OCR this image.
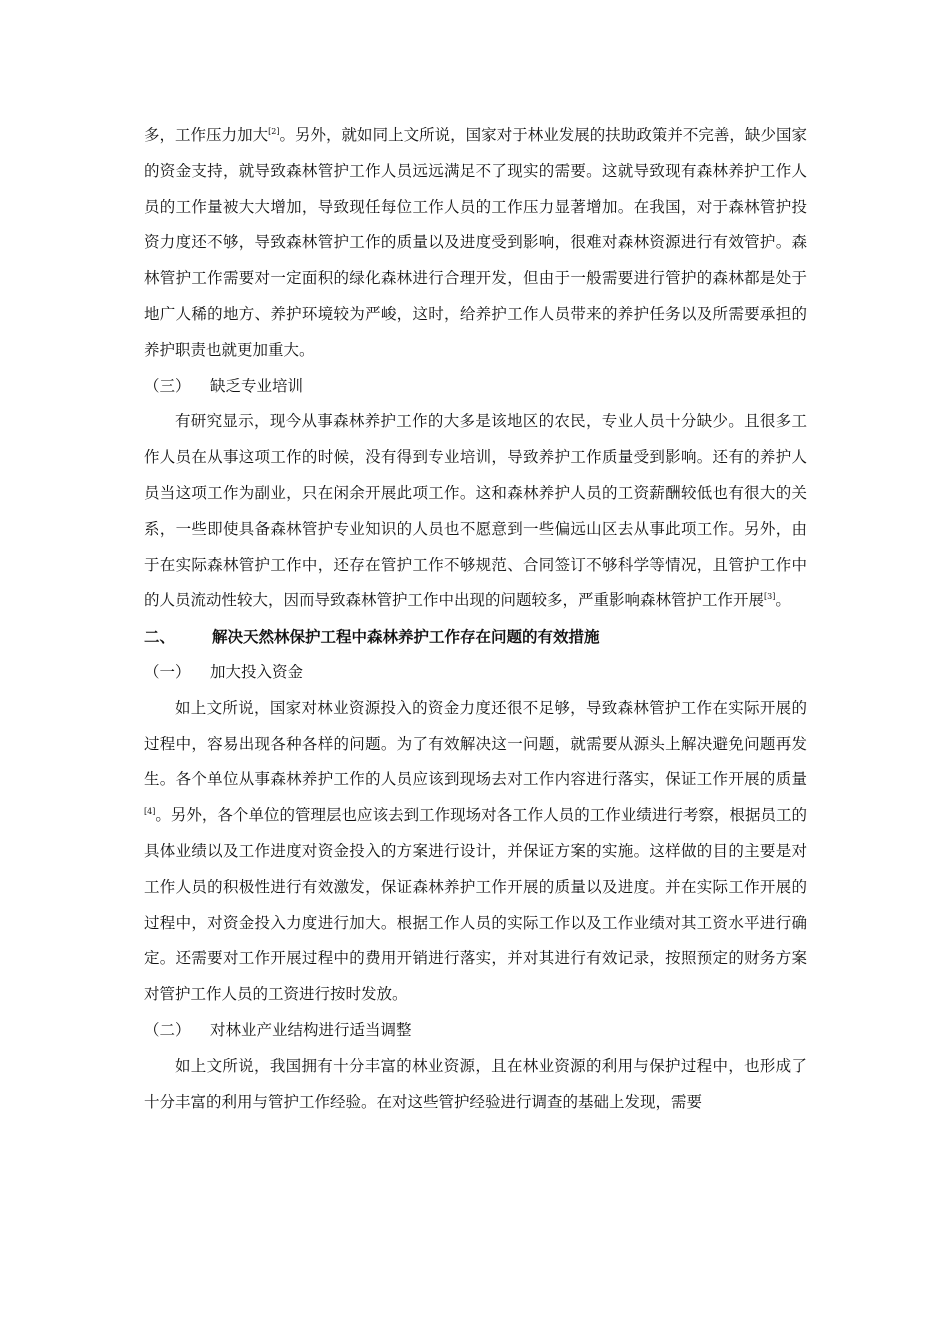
多，工作压力加大[2]。另外，就如同上文所说，国家对于林业发展的扶助政策并不完善，缺少国家的资金支持，就导致森林管护工作人员远远满足不了现实的需要。这就导致现有森林养护工作人员的工作量被大大增加，导致现任每位工作人员的工作压力显著增加。在我国，对于森林管护投资力度还不够，导致森林管护工作的质量以及进度受到影响，很难对森林资源进行有效管护。森林管护工作需要对一定面积的绿化森林进行合理开发，但由于一般需要进行管护的森林都是处于地广人稀的地方、养护环境较为严峻，这时，给养护工作人员带来的养护任务以及所需要承担的养护职责也就更加重大。

（三） 缺乏专业培训

有研究显示，现今从事森林养护工作的大多是该地区的农民，专业人员十分缺少。且很多工作人员在从事这项工作的时候，没有得到专业培训，导致养护工作质量受到影响。还有的养护人员当这项工作为副业，只在闲余开展此项工作。这和森林养护人员的工资薪酬较低也有很大的关系，一些即使具备森林管护专业知识的人员也不愿意到一些偏远山区去从事此项工作。另外，由于在实际森林管护工作中，还存在管护工作不够规范、合同签订不够科学等情况，且管护工作中的人员流动性较大，因而导致森林管护工作中出现的问题较多，严重影响森林管护工作开展[3]。

二、 解决天然林保护工程中森林养护工作存在问题的有效措施

（一） 加大投入资金

如上文所说，国家对林业资源投入的资金力度还很不足够，导致森林管护工作在实际开展的过程中，容易出现各种各样的问题。为了有效解决这一问题，就需要从源头上解决避免问题再发生。各个单位从事森林养护工作的人员应该到现场去对工作内容进行落实，保证工作开展的质量[4]。另外，各个单位的管理层也应该去到工作现场对各工作人员的工作业绩进行考察，根据员工的具体业绩以及工作进度对资金投入的方案进行设计，并保证方案的实施。这样做的目的主要是对工作人员的积极性进行有效激发，保证森林养护工作开展的质量以及进度。并在实际工作开展的过程中，对资金投入力度进行加大。根据工作人员的实际工作以及工作业绩对其工资水平进行确定。还需要对工作开展过程中的费用开销进行落实，并对其进行有效记录，按照预定的财务方案对管护工作人员的工资进行按时发放。

（二） 对林业产业结构进行适当调整

如上文所说，我国拥有十分丰富的林业资源，且在林业资源的利用与保护过程中，也形成了十分丰富的利用与管护工作经验。在对这些管护经验进行调查的基础上发现，需要
